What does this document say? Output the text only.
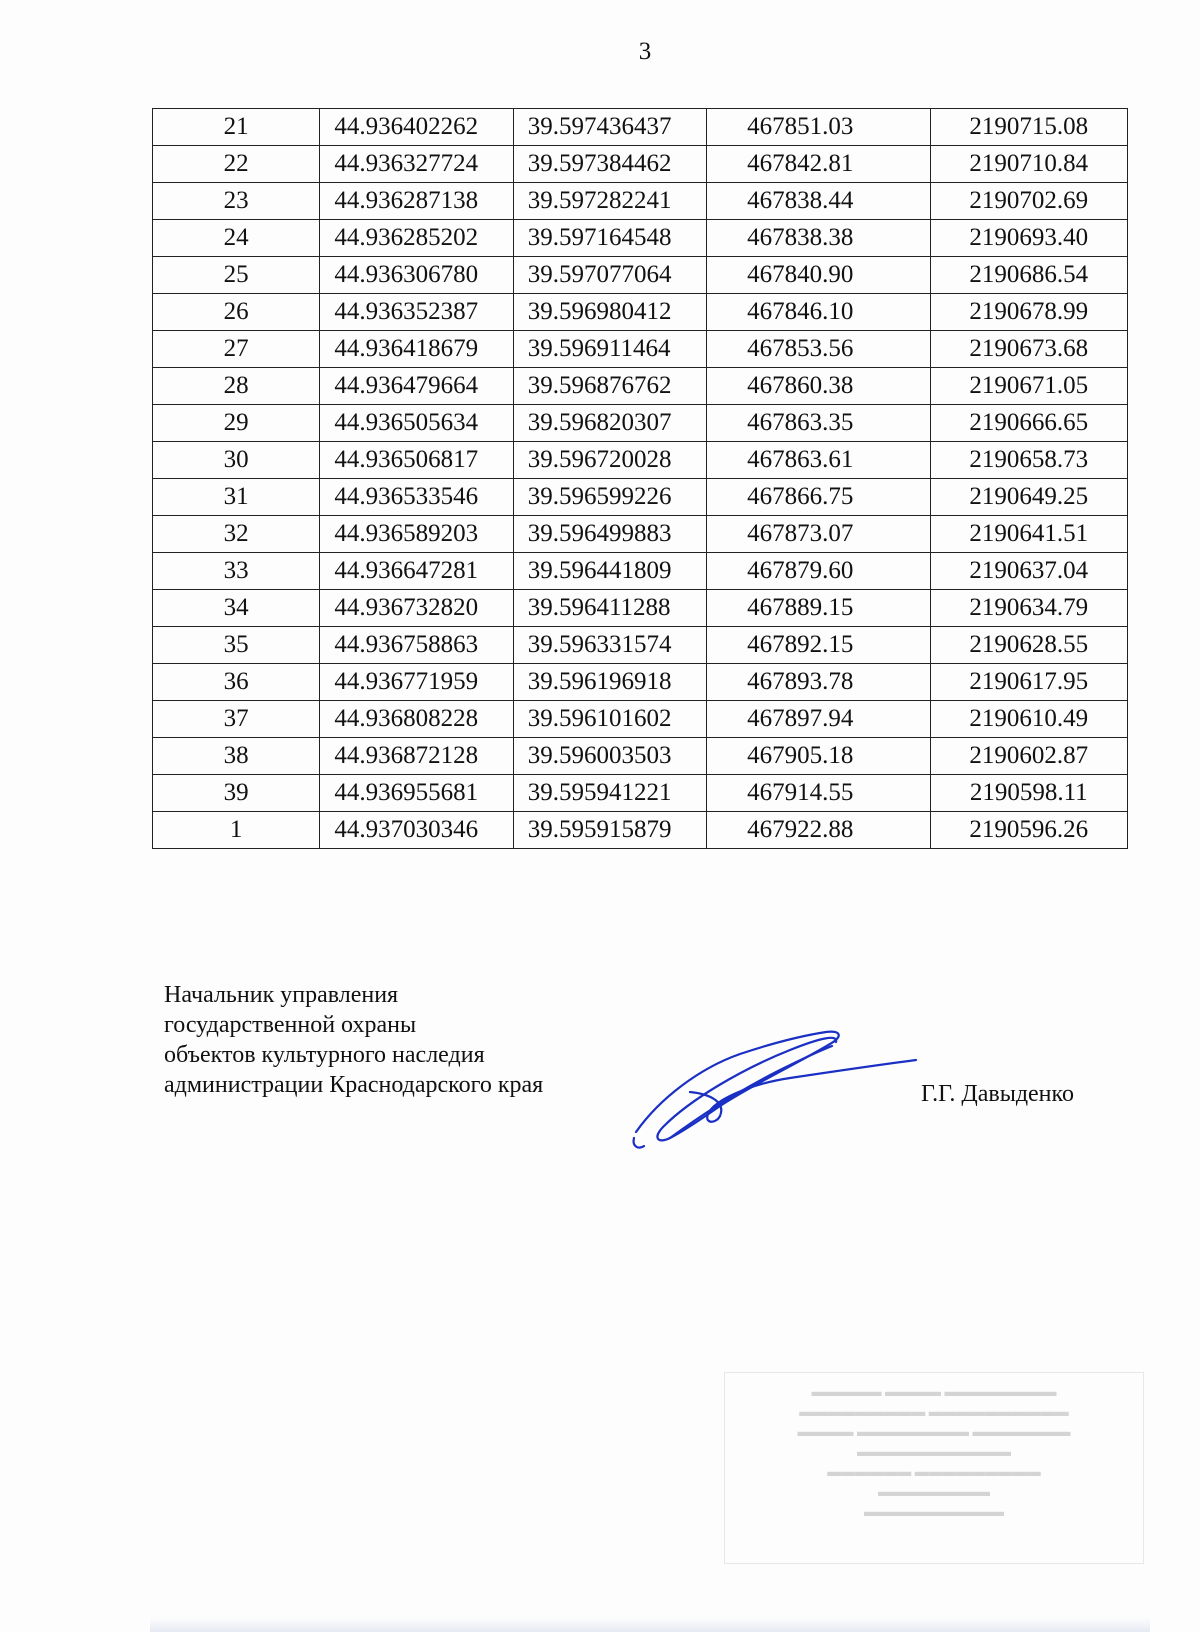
3
21	44.936402262	39.597436437	467851.03	2190715.08
22	44.936327724	39.597384462	467842.81	2190710.84
23	44.936287138	39.597282241	467838.44	2190702.69
24	44.936285202	39.597164548	467838.38	2190693.40
25	44.936306780	39.597077064	467840.90	2190686.54
26	44.936352387	39.596980412	467846.10	2190678.99
27	44.936418679	39.596911464	467853.56	2190673.68
28	44.936479664	39.596876762	467860.38	2190671.05
29	44.936505634	39.596820307	467863.35	2190666.65
30	44.936506817	39.596720028	467863.61	2190658.73
31	44.936533546	39.596599226	467866.75	2190649.25
32	44.936589203	39.596499883	467873.07	2190641.51
33	44.936647281	39.596441809	467879.60	2190637.04
34	44.936732820	39.596411288	467889.15	2190634.79
35	44.936758863	39.596331574	467892.15	2190628.55
36	44.936771959	39.596196918	467893.78	2190617.95
37	44.936808228	39.596101602	467897.94	2190610.49
38	44.936872128	39.596003503	467905.18	2190602.87
39	44.936955681	39.595941221	467914.55	2190598.11
1	44.937030346	39.595915879	467922.88	2190596.26
Начальник управления
государственной охраны
объектов культурного наследия
администрации Краснодарского края	Г.Г. Давыденко
▬▬▬▬▬ ▬▬▬▬ ▬▬▬▬▬▬▬▬
▬▬▬▬▬▬▬▬▬ ▬▬▬▬▬▬▬▬▬▬
▬▬▬▬ ▬▬▬▬▬▬▬▬ ▬▬▬▬▬▬▬
▬▬▬▬▬▬▬▬▬▬▬
▬▬▬▬▬▬ ▬▬▬▬▬▬▬▬▬
▬▬▬▬▬▬▬▬
▬▬▬▬▬▬▬▬▬▬
